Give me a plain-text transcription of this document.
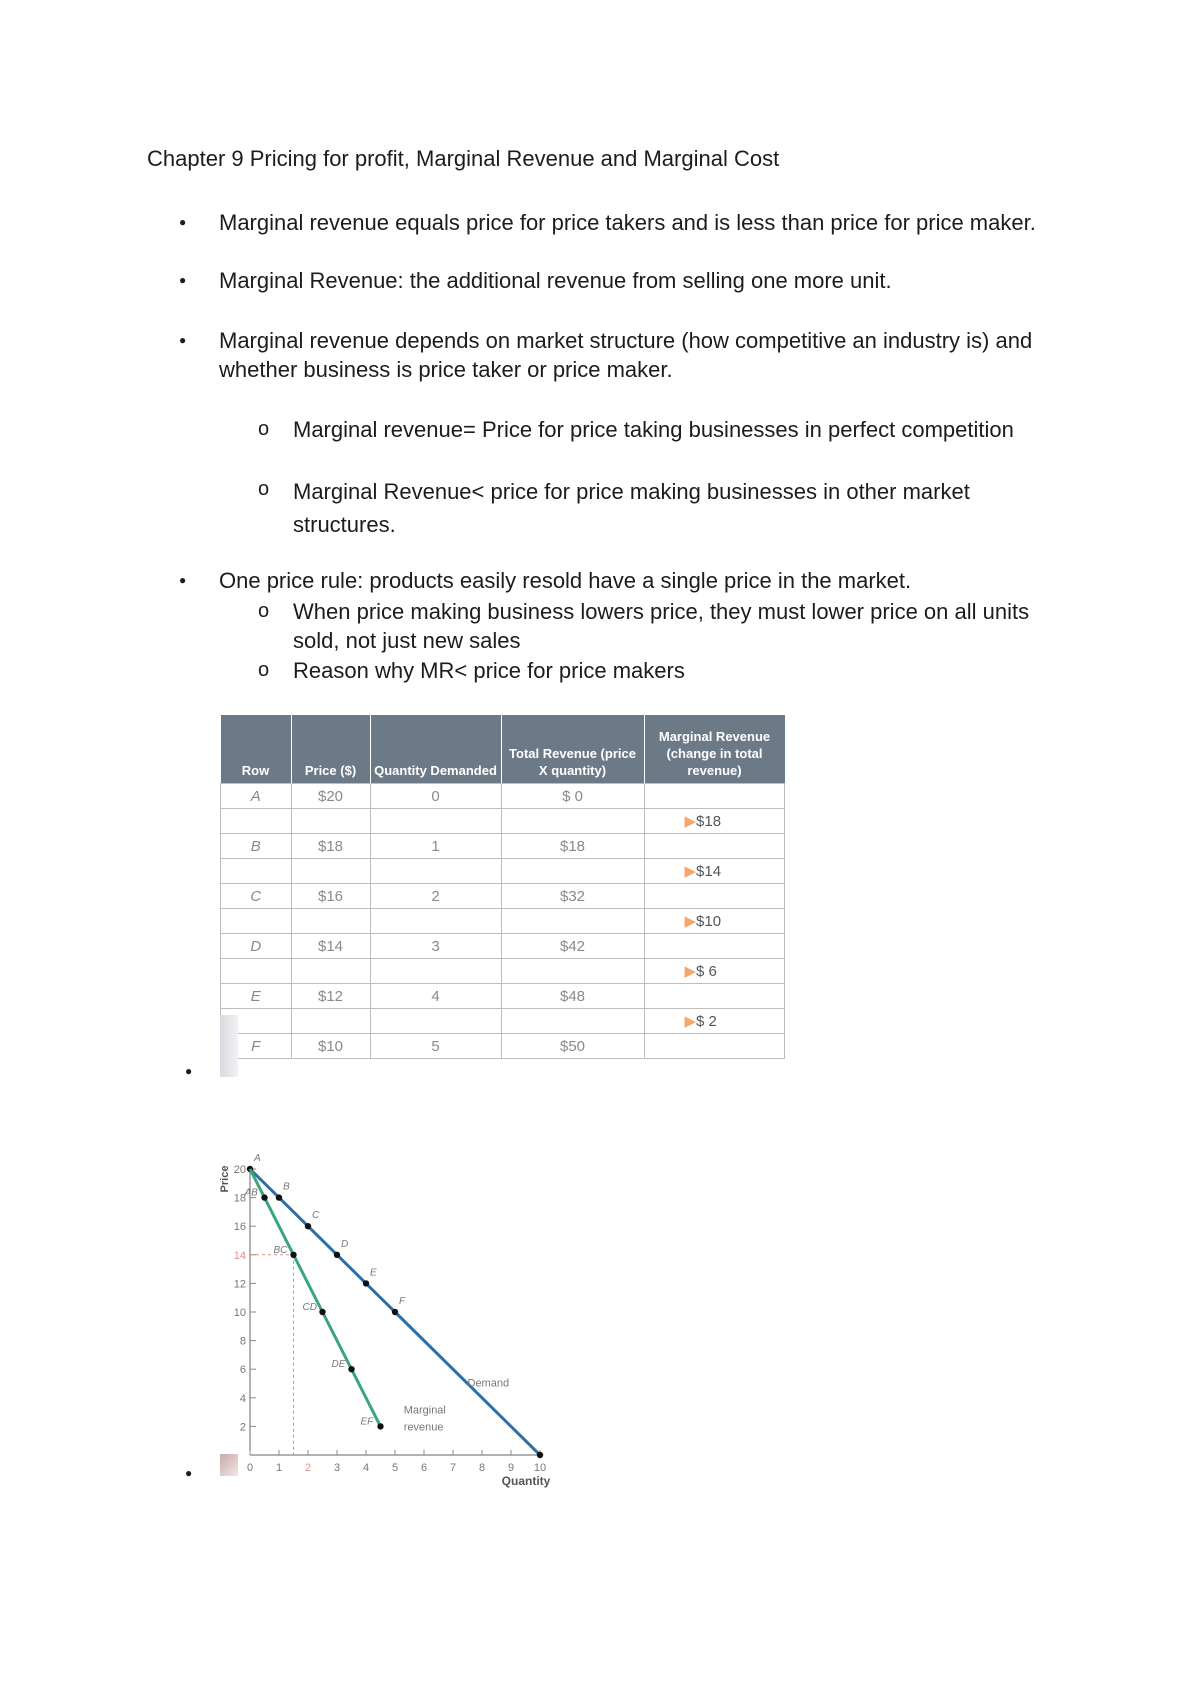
Chapter 9 Pricing for profit, Marginal Revenue and Marginal Cost
Marginal revenue equals price for price takers and is less than price for price maker.
Marginal Revenue: the additional revenue from selling one more unit.
Marginal revenue depends on market structure (how competitive an industry is) and whether business is price taker or price maker.
o Marginal revenue= Price for price taking businesses in perfect competition
o Marginal Revenue< price for price making businesses in other market structures.
One price rule: products easily resold have a single price in the market.
o When price making business lowers price, they must lower price on all units sold, not just new sales
o Reason why MR< price for price makers
Row	Price ($)	Quantity Demanded	Total Revenue (price X quantity)	Marginal Revenue (change in total revenue)
A	$20	0	$ 0	
				▶$18
B	$18	1	$18	
				▶$14
C	$16	2	$32	
				▶$10
D	$14	3	$42	
				▶$ 6
E	$12	4	$48	
				▶$ 2
F	$10	5	$50	
●
2
4
6
8
10
12
14
16
18
20
0 1 2 3 4 5 6 7 8 9 10
Price
Quantity
A
B
C
D
E
F
AB
BC
CD
DE
EF
Demand
Marginal
revenue
●
